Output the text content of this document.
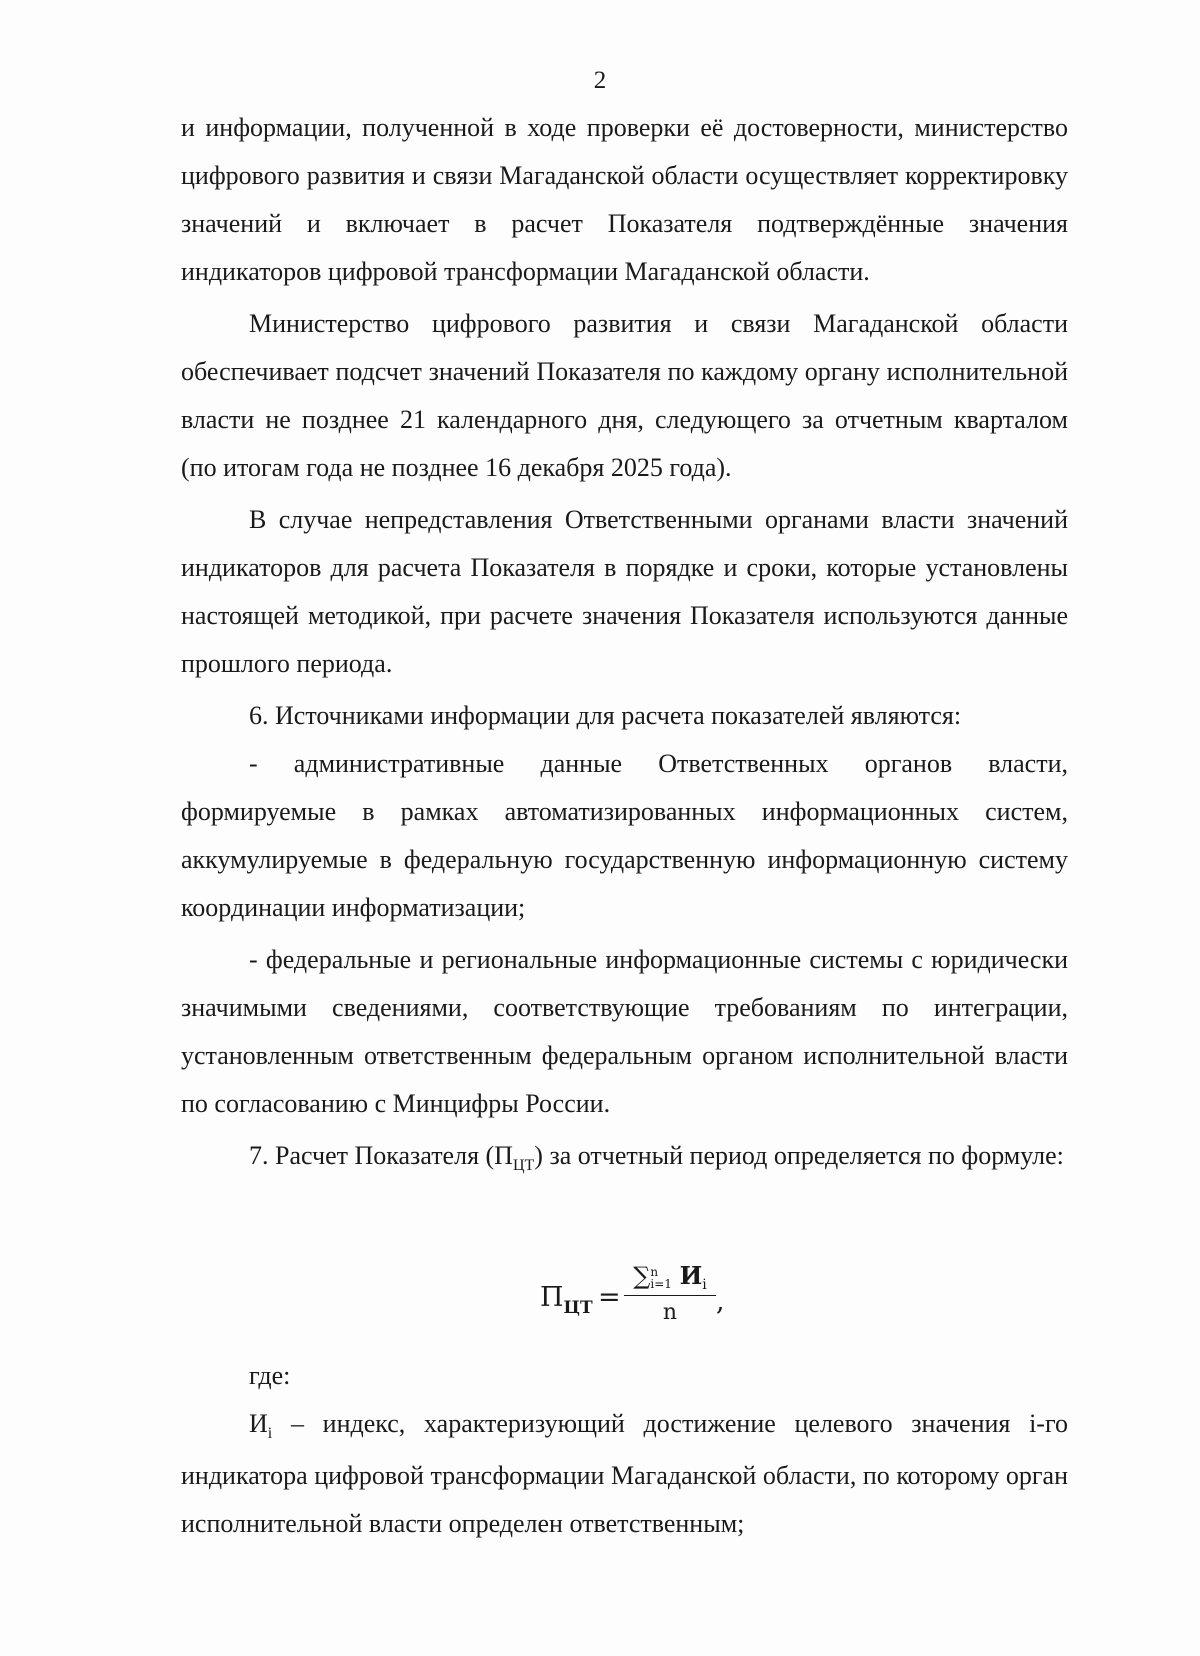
2

и информации, полученной в ходе проверки её достоверности, министерство цифрового развития и связи Магаданской области осуществляет корректировку значений и включает в расчет Показателя подтверждённые значения индикаторов цифровой трансформации Магаданской области.

Министерство цифрового развития и связи Магаданской области обеспечивает подсчет значений Показателя по каждому органу исполнительной власти не позднее 21 календарного дня, следующего за отчетным кварталом (по итогам года не позднее 16 декабря 2025 года).

В случае непредставления Ответственными органами власти значений индикаторов для расчета Показателя в порядке и сроки, которые установлены настоящей методикой, при расчете значения Показателя используются данные прошлого периода.

6. Источниками информации для расчета показателей являются:

- административные данные Ответственных органов власти, формируемые в рамках автоматизированных информационных систем, аккумулируемые в федеральную государственную информационную систему координации информатизации;

- федеральные и региональные информационные системы с юридически значимыми сведениями, соответствующие требованиям по интеграции, установленным ответственным федеральным органом исполнительной власти по согласованию с Минцифры России.

7. Расчет Показателя $(П_{ЦТ})$ за отчетный период определяется по формуле:

$П_{ЦТ}$ =
∑n
i=1 $И_i$
n	,

где:

$И_i$ – индекс, характеризующий достижение целевого значения i-го индикатора цифровой трансформации Магаданской области, по которому орган исполнительной власти определен ответственным;
